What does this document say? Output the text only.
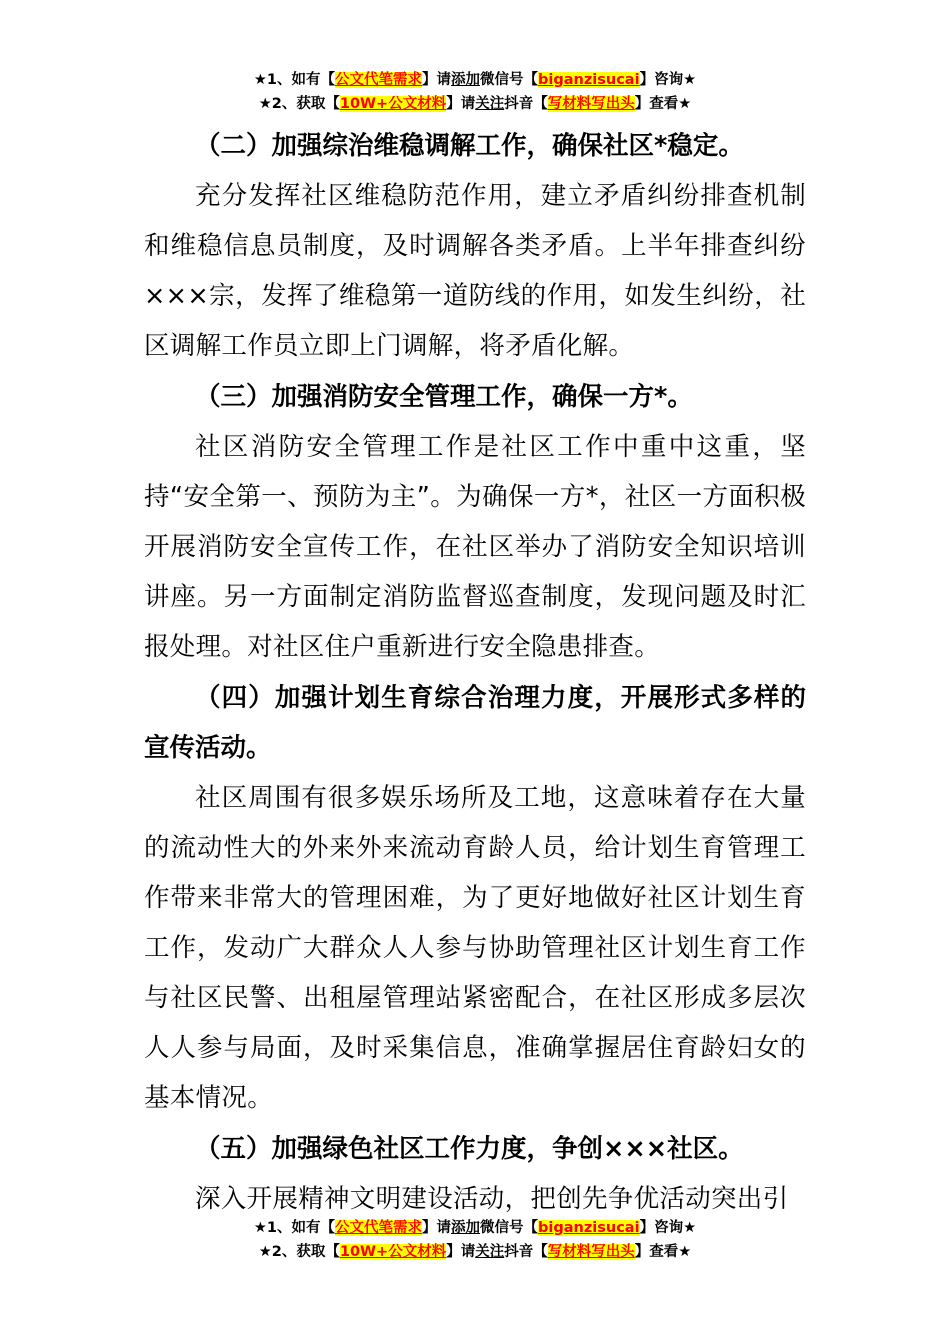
★1、如有【公文代笔需求】请添加微信号【biganzisucai】咨询★
★2、获取【10W+公文材料】请关注抖音【写材料写出头】查看★

（二）加强综治维稳调解工作，确保社区*稳定。

充分发挥社区维稳防范作用，建立矛盾纠纷排查机制和维稳信息员制度，及时调解各类矛盾。上半年排查纠纷×××宗，发挥了维稳第一道防线的作用，如发生纠纷，社区调解工作员立即上门调解，将矛盾化解。

（三）加强消防安全管理工作，确保一方*。

社区消防安全管理工作是社区工作中重中这重，坚持“安全第一、预防为主”。为确保一方*，社区一方面积极开展消防安全宣传工作，在社区举办了消防安全知识培训讲座。另一方面制定消防监督巡查制度，发现问题及时汇报处理。对社区住户重新进行安全隐患排查。

（四）加强计划生育综合治理力度，开展形式多样的宣传活动。

社区周围有很多娱乐场所及工地，这意味着存在大量的流动性大的外来外来流动育龄人员，给计划生育管理工作带来非常大的管理困难，为了更好地做好社区计划生育工作，发动广大群众人人参与协助管理社区计划生育工作与社区民警、出租屋管理站紧密配合，在社区形成多层次人人参与局面，及时采集信息，准确掌握居住育龄妇女的基本情况。

（五）加强绿色社区工作力度，争创×××社区。

深入开展精神文明建设活动，把创先争优活动突出引

★1、如有【公文代笔需求】请添加微信号【biganzisucai】咨询★
★2、获取【10W+公文材料】请关注抖音【写材料写出头】查看★
